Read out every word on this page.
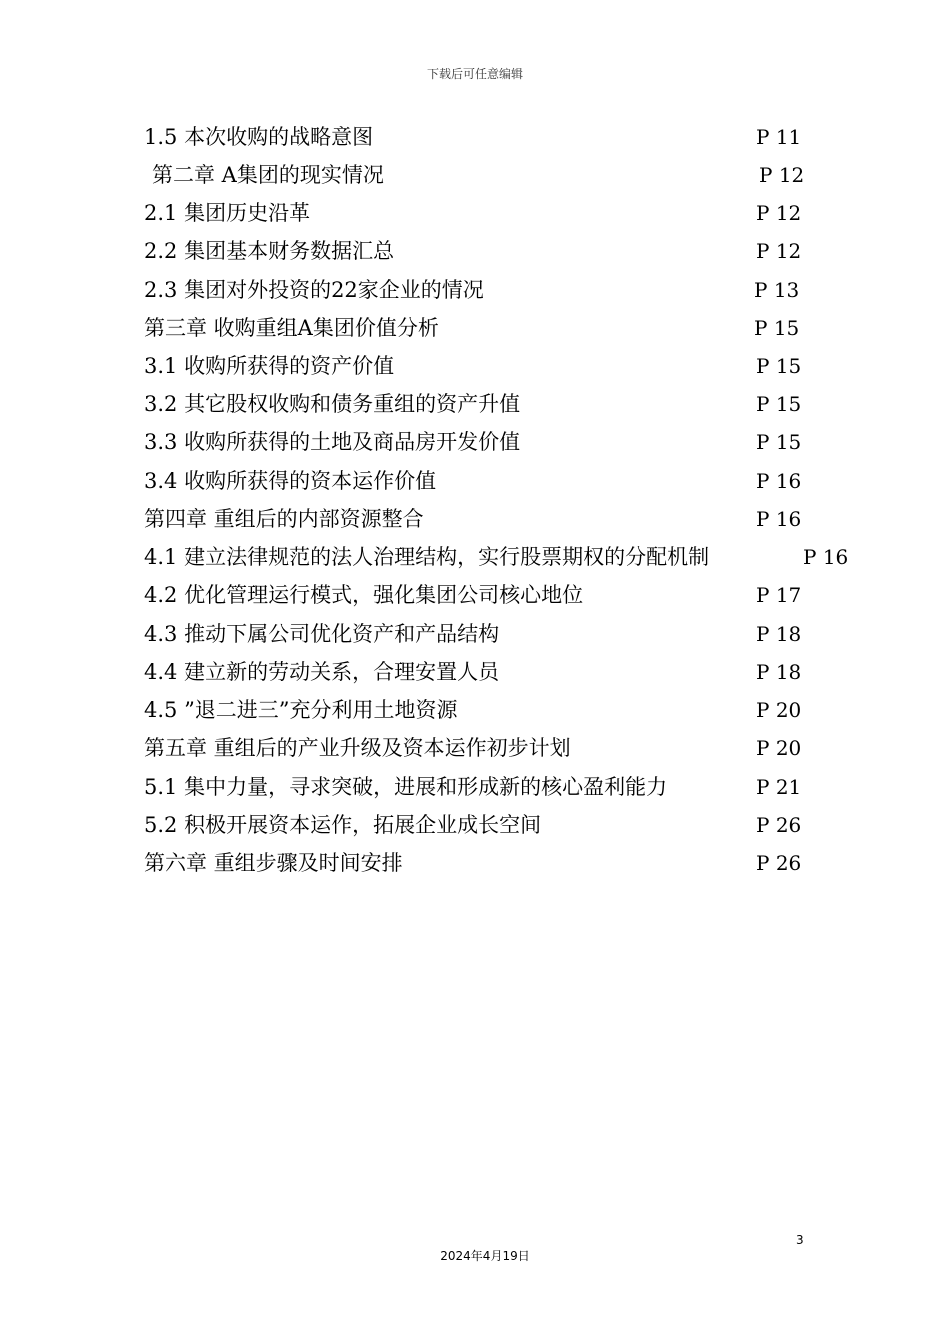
下载后可任意编辑
1.5 本次收购的战略意图	P 11
第二章 A集团的现实情况	P 12
2.1 集团历史沿革	P 12
2.2 集团基本财务数据汇总	P 12
2.3 集团对外投资的22家企业的情况	P 13
第三章 收购重组A集团价值分析	P 15
3.1 收购所获得的资产价值	P 15
3.2 其它股权收购和债务重组的资产升值	P 15
3.3 收购所获得的土地及商品房开发价值	P 15
3.4 收购所获得的资本运作价值	P 16
第四章 重组后的内部资源整合	P 16
4.1 建立法律规范的法人治理结构，实行股票期权的分配机制	P 16
4.2 优化管理运行模式，强化集团公司核心地位	P 17
4.3 推动下属公司优化资产和产品结构	P 18
4.4 建立新的劳动关系，合理安置人员	P 18
4.5 ”退二进三”充分利用土地资源	P 20
第五章 重组后的产业升级及资本运作初步计划	P 20
5.1 集中力量，寻求突破，进展和形成新的核心盈利能力	P 21
5.2 积极开展资本运作，拓展企业成长空间	P 26
第六章 重组步骤及时间安排	P 26
3
2024年4月19日
